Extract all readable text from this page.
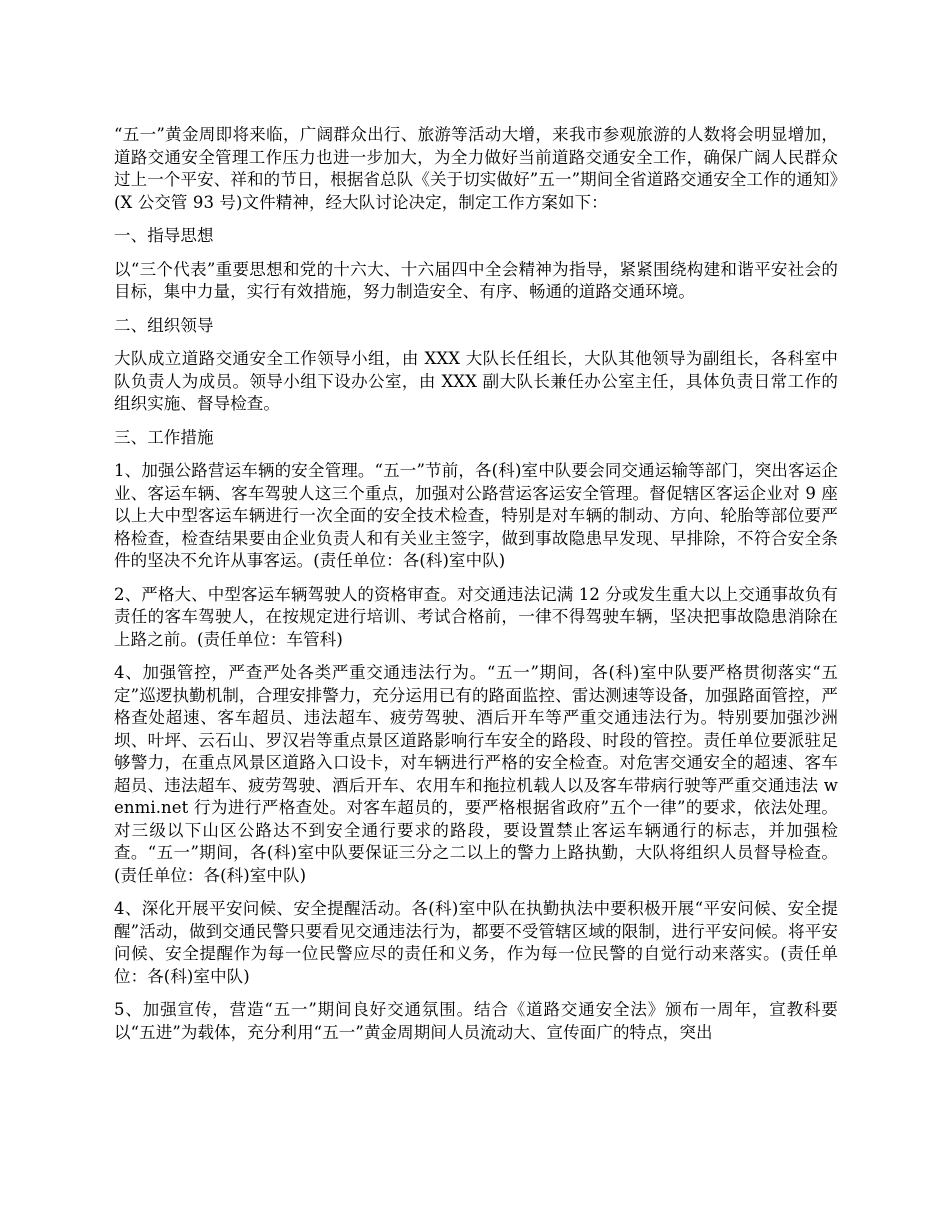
“五一”黄金周即将来临，广阔群众出行、旅游等活动大增，来我市参观旅游的人数将会明显增加，道路交通安全管理工作压力也进一步加大，为全力做好当前道路交通安全工作，确保广阔人民群众过上一个平安、祥和的节日，根据省总队《关于切实做好”五一”期间全省道路交通安全工作的通知》(X 公交管 93 号)文件精神，经大队讨论决定，制定工作方案如下：

一、指导思想

以“三个代表”重要思想和党的十六大、十六届四中全会精神为指导，紧紧围绕构建和谐平安社会的目标，集中力量，实行有效措施，努力制造安全、有序、畅通的道路交通环境。

二、组织领导

大队成立道路交通安全工作领导小组，由 XXX 大队长任组长，大队其他领导为副组长，各科室中队负责人为成员。领导小组下设办公室，由 XXX 副大队长兼任办公室主任，具体负责日常工作的组织实施、督导检查。

三、工作措施

1、加强公路营运车辆的安全管理。“五一”节前，各(科)室中队要会同交通运输等部门，突出客运企业、客运车辆、客车驾驶人这三个重点，加强对公路营运客运安全管理。督促辖区客运企业对 9 座以上大中型客运车辆进行一次全面的安全技术检查，特别是对车辆的制动、方向、轮胎等部位要严格检查，检查结果要由企业负责人和有关业主签字，做到事故隐患早发现、早排除，不符合安全条件的坚决不允许从事客运。(责任单位：各(科)室中队)

2、严格大、中型客运车辆驾驶人的资格审查。对交通违法记满 12 分或发生重大以上交通事故负有责任的客车驾驶人，在按规定进行培训、考试合格前，一律不得驾驶车辆，坚决把事故隐患消除在上路之前。(责任单位：车管科)

4、加强管控，严查严处各类严重交通违法行为。“五一”期间，各(科)室中队要严格贯彻落实“五定”巡逻执勤机制，合理安排警力，充分运用已有的路面监控、雷达测速等设备，加强路面管控，严格查处超速、客车超员、违法超车、疲劳驾驶、酒后开车等严重交通违法行为。特别要加强沙洲坝、叶坪、云石山、罗汉岩等重点景区道路影响行车安全的路段、时段的管控。责任单位要派驻足够警力，在重点风景区道路入口设卡，对车辆进行严格的安全检查。对危害交通安全的超速、客车超员、违法超车、疲劳驾驶、酒后开车、农用车和拖拉机载人以及客车带病行驶等严重交通违法 wenmi.net 行为进行严格查处。对客车超员的，要严格根据省政府”五个一律”的要求，依法处理。对三级以下山区公路达不到安全通行要求的路段，要设置禁止客运车辆通行的标志，并加强检查。“五一”期间，各(科)室中队要保证三分之二以上的警力上路执勤，大队将组织人员督导检查。(责任单位：各(科)室中队)

4、深化开展平安问候、安全提醒活动。各(科)室中队在执勤执法中要积极开展“平安问候、安全提醒”活动，做到交通民警只要看见交通违法行为，都要不受管辖区域的限制，进行平安问候。将平安问候、安全提醒作为每一位民警应尽的责任和义务，作为每一位民警的自觉行动来落实。(责任单位：各(科)室中队)

5、加强宣传，营造“五一”期间良好交通氛围。结合《道路交通安全法》颁布一周年，宣教科要以“五进”为载体，充分利用“五一”黄金周期间人员流动大、宣传面广的特点，突出
